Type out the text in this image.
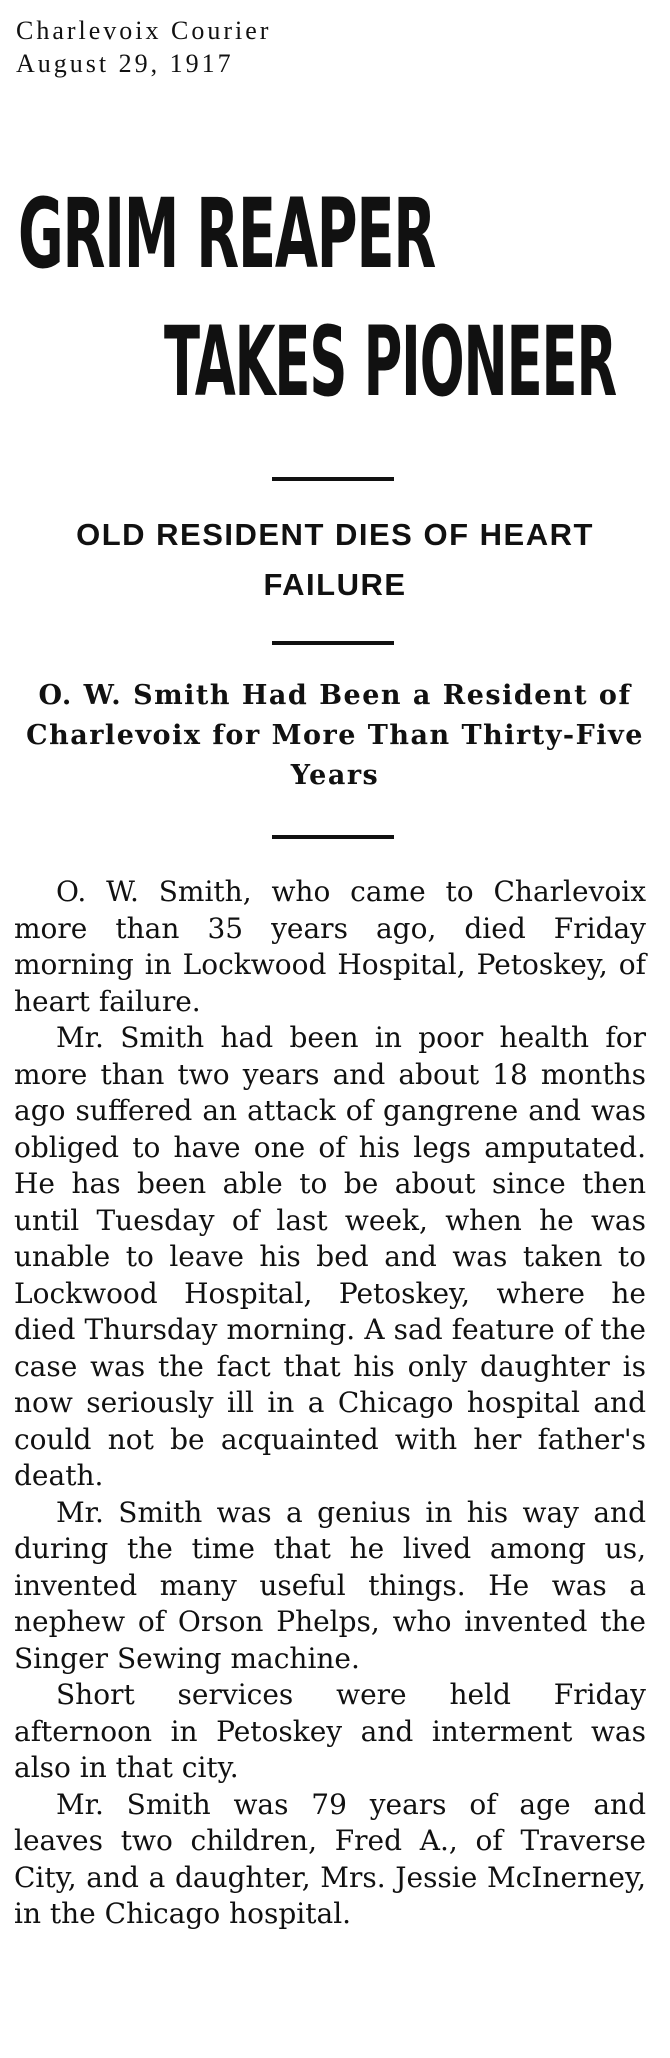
Charlevoix Courier
August 29, 1917
GRIM REAPER
TAKES PIONEER
OLD RESIDENT DIES OF HEART FAILURE
O. W. Smith Had Been a Resident of Charlevoix for More Than Thirty-Five Years

O. W. Smith, who came to Charlevoix more than 35 years ago, died Friday morning in Lockwood Hospital, Petoskey, of heart failure.

Mr. Smith had been in poor health for more than two years and about 18 months ago suffered an attack of gangrene and was obliged to have one of his legs amputated. He has been able to be about since then until Tuesday of last week, when he was unable to leave his bed and was taken to Lockwood Hospital, Petoskey, where he died Thursday morning. A sad feature of the case was the fact that his only daughter is now seriously ill in a Chicago hospital and could not be acquainted with her father's death.

Mr. Smith was a genius in his way and during the time that he lived among us, invented many useful things. He was a nephew of Orson Phelps, who invented the Singer Sewing machine.

Short services were held Friday afternoon in Petoskey and interment was also in that city.

Mr. Smith was 79 years of age and leaves two children, Fred A., of Traverse City, and a daughter, Mrs. Jessie McInerney, in the Chicago hospital.
